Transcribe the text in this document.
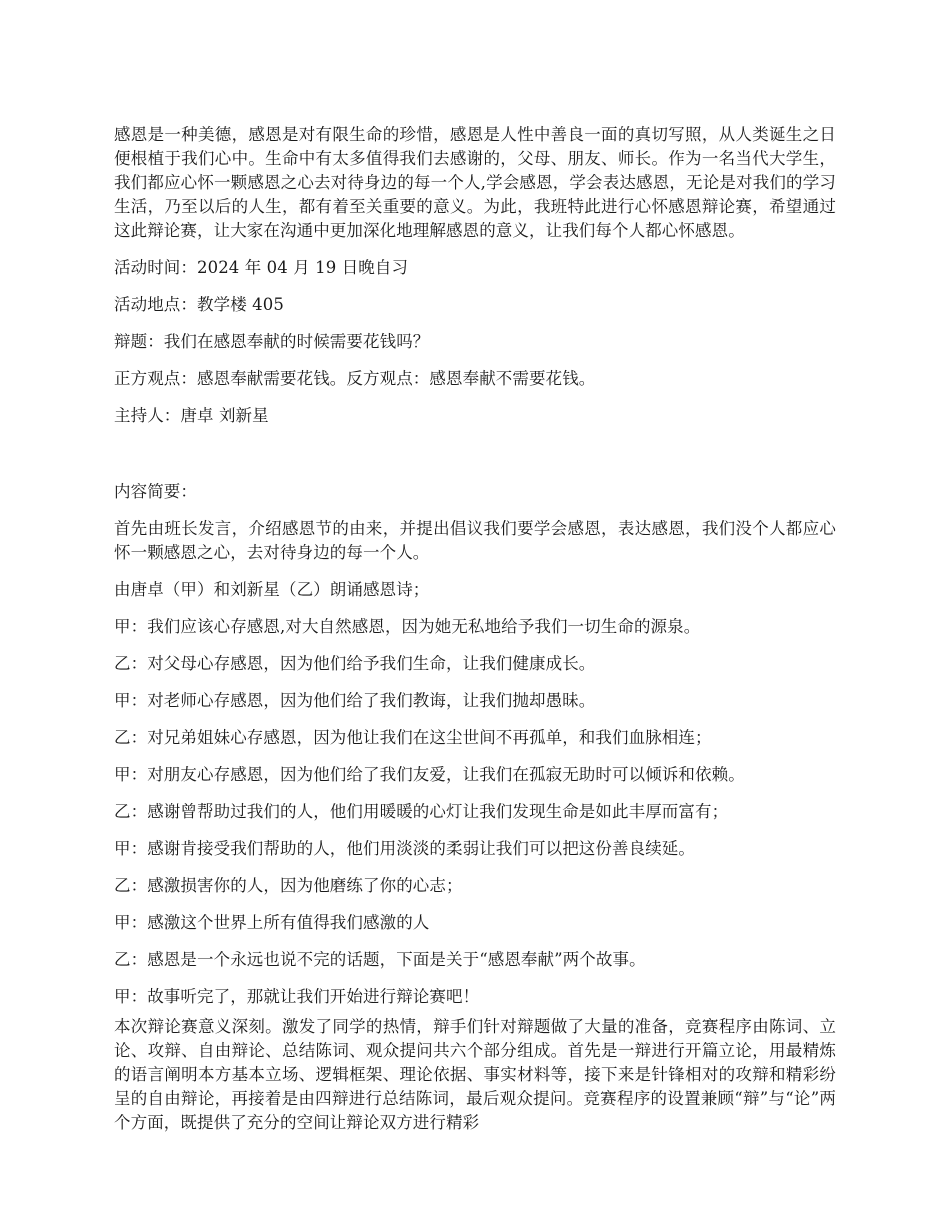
感恩是一种美德，感恩是对有限生命的珍惜，感恩是人性中善良一面的真切写照，从人类诞生之日便根植于我们心中。生命中有太多值得我们去感谢的，父母、朋友、师长。作为一名当代大学生，我们都应心怀一颗感恩之心去对待身边的每一个人,学会感恩，学会表达感恩，无论是对我们的学习生活，乃至以后的人生，都有着至关重要的意义。为此，我班特此进行心怀感恩辩论赛，希望通过这此辩论赛，让大家在沟通中更加深化地理解感恩的意义，让我们每个人都心怀感恩。

活动时间：2024 年 04 月 19 日晚自习

活动地点：教学楼 405

辩题：我们在感恩奉献的时候需要花钱吗？

正方观点：感恩奉献需要花钱。反方观点：感恩奉献不需要花钱。

主持人：唐卓 刘新星

内容简要：

首先由班长发言，介绍感恩节的由来，并提出倡议我们要学会感恩，表达感恩，我们没个人都应心怀一颗感恩之心，去对待身边的每一个人。

由唐卓（甲）和刘新星（乙）朗诵感恩诗；

甲：我们应该心存感恩,对大自然感恩，因为她无私地给予我们一切生命的源泉。

乙：对父母心存感恩，因为他们给予我们生命，让我们健康成长。

甲：对老师心存感恩，因为他们给了我们教诲，让我们抛却愚昧。

乙：对兄弟姐妹心存感恩，因为他让我们在这尘世间不再孤单，和我们血脉相连；

甲：对朋友心存感恩，因为他们给了我们友爱，让我们在孤寂无助时可以倾诉和依赖。

乙：感谢曾帮助过我们的人，他们用暖暖的心灯让我们发现生命是如此丰厚而富有；

甲：感谢肯接受我们帮助的人，他们用淡淡的柔弱让我们可以把这份善良续延。

乙：感激损害你的人，因为他磨练了你的心志；

甲：感激这个世界上所有值得我们感激的人

乙：感恩是一个永远也说不完的话题，下面是关于“感恩奉献”两个故事。

甲：故事听完了，那就让我们开始进行辩论赛吧！

本次辩论赛意义深刻。激发了同学的热情，辩手们针对辩题做了大量的准备，竞赛程序由陈词、立论、攻辩、自由辩论、总结陈词、观众提问共六个部分组成。首先是一辩进行开篇立论，用最精炼的语言阐明本方基本立场、逻辑框架、理论依据、事实材料等，接下来是针锋相对的攻辩和精彩纷呈的自由辩论，再接着是由四辩进行总结陈词，最后观众提问。竞赛程序的设置兼顾“辩”与“论”两个方面，既提供了充分的空间让辩论双方进行精彩
